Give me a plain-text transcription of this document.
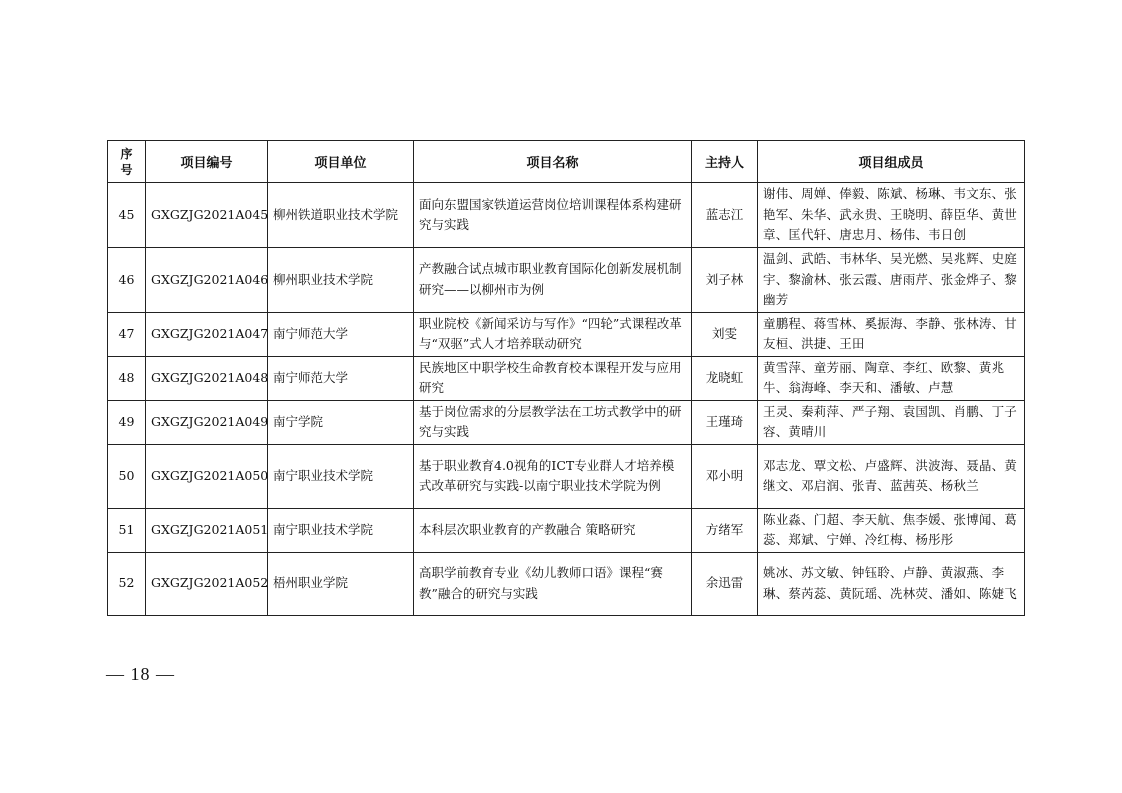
序号	项目编号	项目单位	项目名称	主持人	项目组成员
45	GXGZJG2021A045	柳州铁道职业技术学院	面向东盟国家铁道运营岗位培训课程体系构建研究与实践	蓝志江	谢伟、周婵、俸毅、陈斌、杨琳、韦文东、张艳军、朱华、武永贵、王晓明、薛臣华、黄世章、匡代轩、唐忠月、杨伟、韦日创
46	GXGZJG2021A046	柳州职业技术学院	产教融合试点城市职业教育国际化创新发展机制研究——以柳州市为例	刘子林	温剑、武皓、韦林华、吴光燃、吴兆辉、史庭宇、黎渝林、张云霞、唐雨芹、张金烨子、黎幽芳
47	GXGZJG2021A047	南宁师范大学	职业院校《新闻采访与写作》“四轮”式课程改革与“双驱”式人才培养联动研究	刘雯	童鹏程、蒋雪林、奚振海、李静、张林涛、甘友桓、洪捷、王田
48	GXGZJG2021A048	南宁师范大学	民族地区中职学校生命教育校本课程开发与应用研究	龙晓虹	黄雪萍、童芳丽、陶章、李红、欧黎、黄兆牛、翁海峰、李天和、潘敏、卢慧
49	GXGZJG2021A049	南宁学院	基于岗位需求的分层教学法在工坊式教学中的研究与实践	王瑾琦	王灵、秦莉萍、严子翔、袁国凯、肖鹏、丁子容、黄晴川
50	GXGZJG2021A050	南宁职业技术学院	基于职业教育4.0视角的ICT专业群人才培养模式改革研究与实践-以南宁职业技术学院为例	邓小明	邓志龙、覃文松、卢盛辉、洪波海、聂晶、黄继文、邓启润、张青、蓝茜英、杨秋兰
51	GXGZJG2021A051	南宁职业技术学院	本科层次职业教育的产教融合 策略研究	方绪军	陈业淼、门超、李天航、焦李媛、张博闻、葛蕊、郑斌、宁婵、冷红梅、杨彤彤
52	GXGZJG2021A052	梧州职业学院	高职学前教育专业《幼儿教师口语》课程“赛教”融合的研究与实践	余迅雷	姚冰、苏文敏、钟钰聆、卢静、黄淑燕、李琳、蔡芮蕊、黄阮瑶、冼林荧、潘如、陈婕飞
— 18 —
